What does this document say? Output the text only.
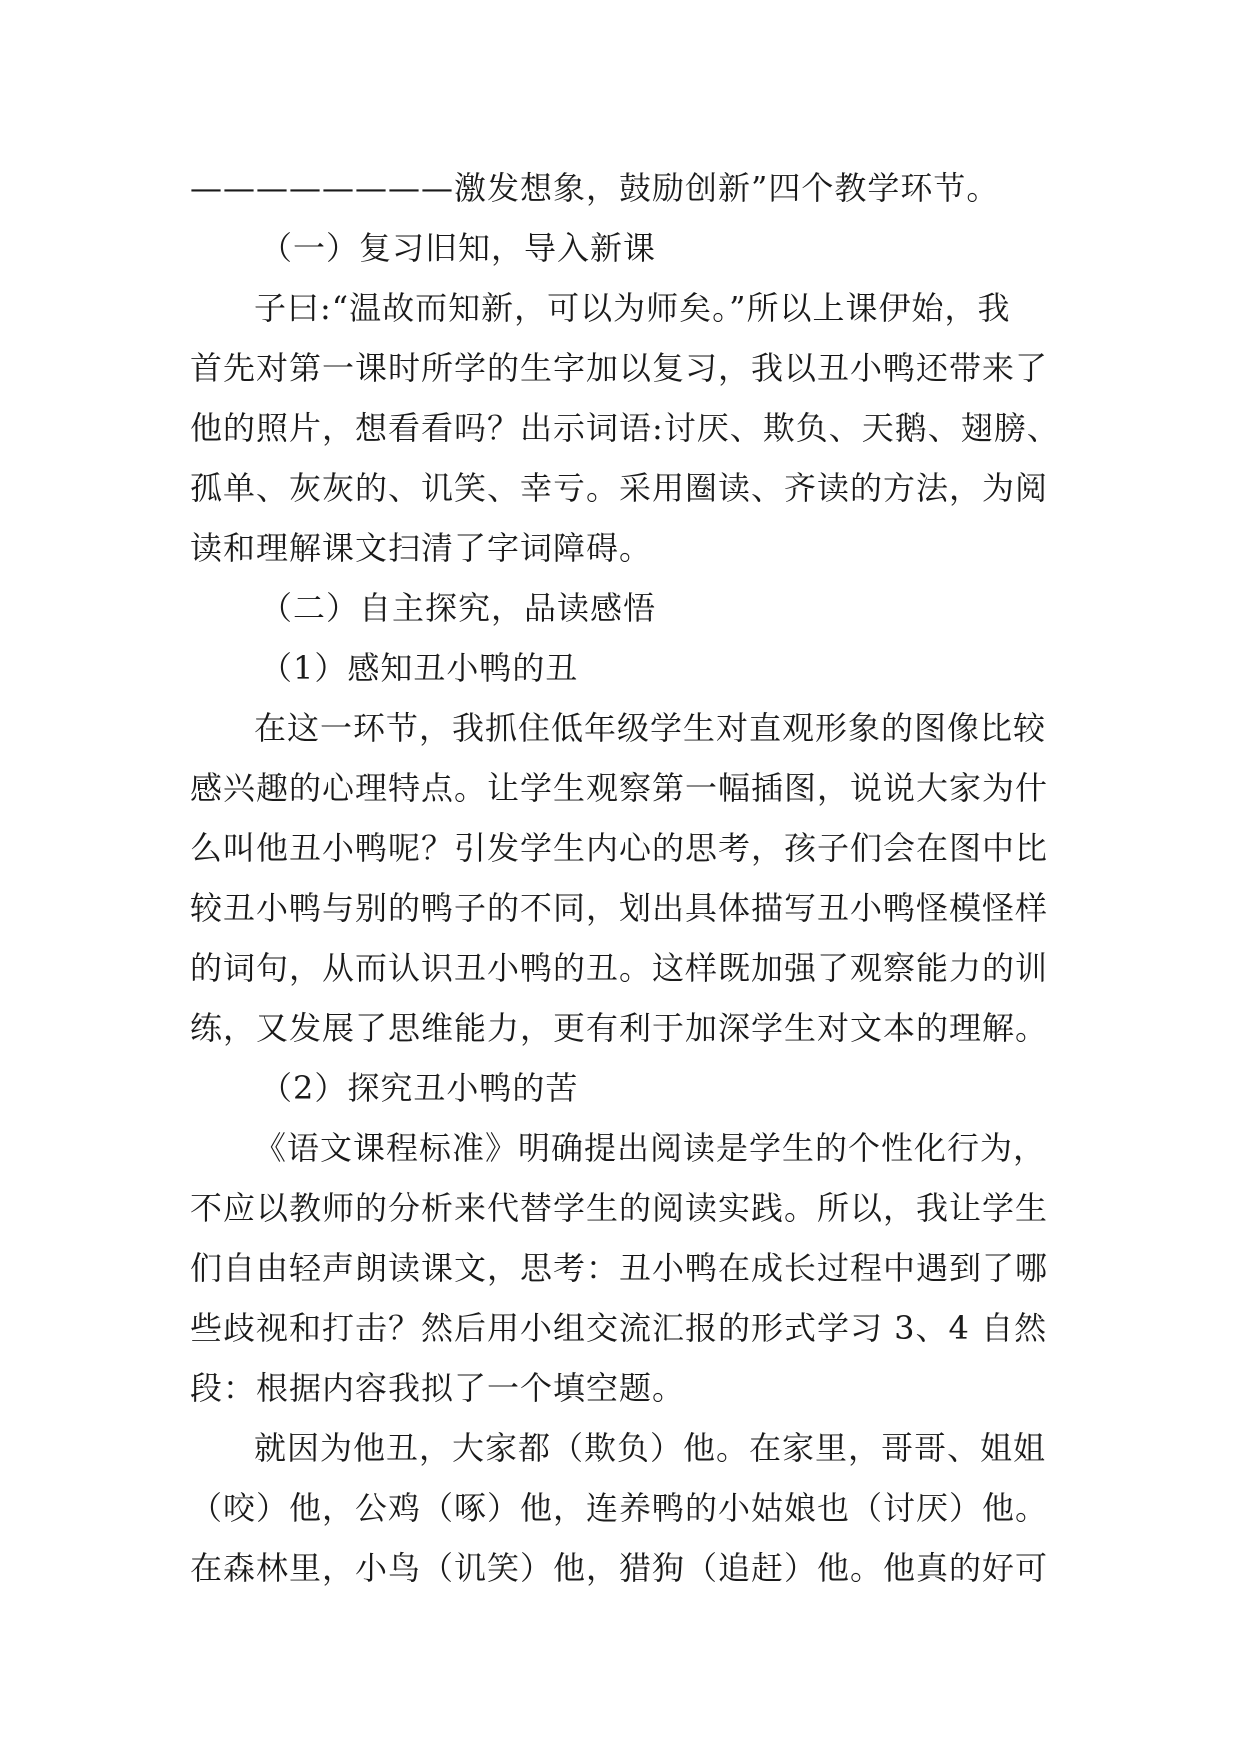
————————激发想象，鼓励创新”四个教学环节。
（一）复习旧知，导入新课
子曰:“温故而知新，可以为师矣。”所以上课伊始，我
首先对第一课时所学的生字加以复习，我以丑小鸭还带来了
他的照片，想看看吗？出示词语:讨厌、欺负、天鹅、翅膀、
孤单、灰灰的、讥笑、幸亏。采用圈读、齐读的方法，为阅
读和理解课文扫清了字词障碍。
（二）自主探究，品读感悟
（1）感知丑小鸭的丑
在这一环节，我抓住低年级学生对直观形象的图像比较
感兴趣的心理特点。让学生观察第一幅插图，说说大家为什
么叫他丑小鸭呢？引发学生内心的思考，孩子们会在图中比
较丑小鸭与别的鸭子的不同，划出具体描写丑小鸭怪模怪样
的词句，从而认识丑小鸭的丑。这样既加强了观察能力的训
练，又发展了思维能力，更有利于加深学生对文本的理解。
（2）探究丑小鸭的苦
《语文课程标准》明确提出阅读是学生的个性化行为，
不应以教师的分析来代替学生的阅读实践。所以，我让学生
们自由轻声朗读课文，思考：丑小鸭在成长过程中遇到了哪
些歧视和打击？然后用小组交流汇报的形式学习 3、4 自然
段：根据内容我拟了一个填空题。
就因为他丑，大家都（欺负）他。在家里，哥哥、姐姐
（咬）他，公鸡（啄）他，连养鸭的小姑娘也（讨厌）他。
在森林里，小鸟（讥笑）他，猎狗（追赶）他。他真的好可
